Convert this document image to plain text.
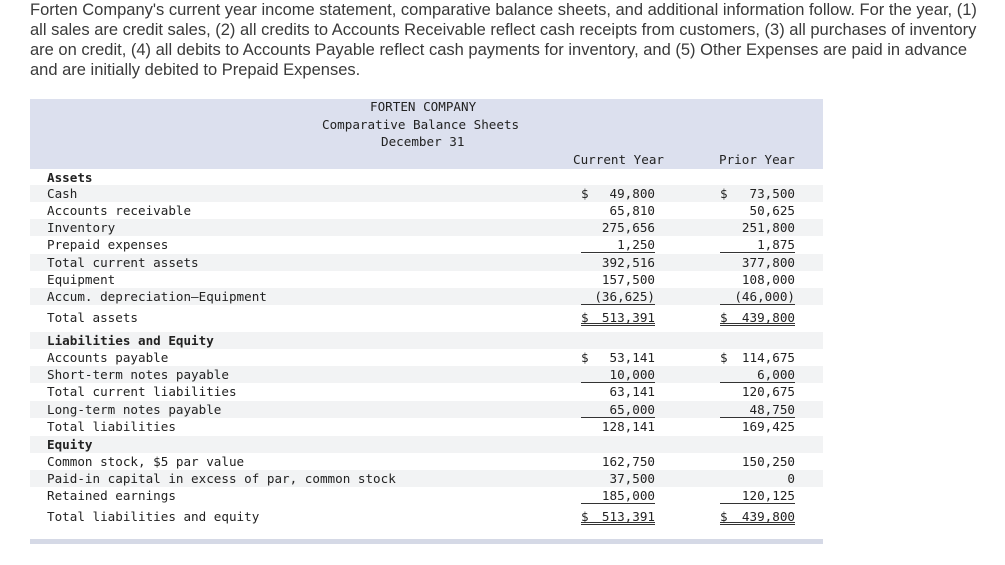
Forten Company's current year income statement, comparative balance sheets, and additional information follow. For the year, (1) all sales are credit sales, (2) all credits to Accounts Receivable reflect cash receipts from customers, (3) all purchases of inventory are on credit, (4) all debits to Accounts Payable reflect cash payments for inventory, and (5) Other Expenses are paid in advance and are initially debited to Prepaid Expenses.

FORTEN COMPANY
Comparative Balance Sheets
December 31
Current Year	Prior Year
Assets
Cash	$ 49,800	$ 73,500
Accounts receivable	65,810	50,625
Inventory	275,656	251,800
Prepaid expenses	1,250	1,875
Total current assets	392,516	377,800
Equipment	157,500	108,000
Accum. depreciation—Equipment	(36,625)	(46,000)
Total assets	$ 513,391	$ 439,800
Liabilities and Equity
Accounts payable	$ 53,141	$ 114,675
Short-term notes payable	10,000	6,000
Total current liabilities	63,141	120,675
Long-term notes payable	65,000	48,750
Total liabilities	128,141	169,425
Equity
Common stock, $5 par value	162,750	150,250
Paid-in capital in excess of par, common stock	37,500	0
Retained earnings	185,000	120,125
Total liabilities and equity	$ 513,391	$ 439,800
